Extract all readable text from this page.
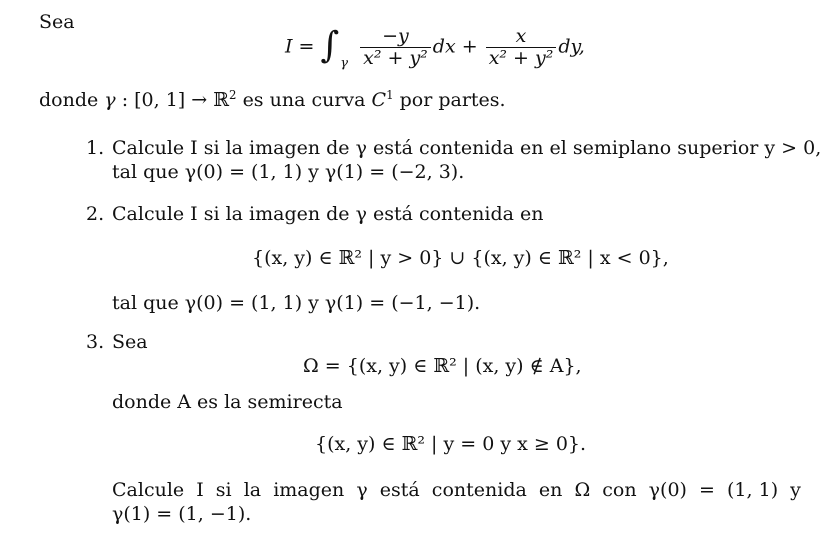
Sea
$I = \int_\gamma \frac{-y}{\text{x² + y²}}$ dx + $\frac{x}{\text{x² + y²}}$ dy,
donde γ : [0, 1] → ℝ$^2$ es una curva $C^1$ por partes.
1. Calcule I si la imagen de γ está contenida en el semiplano superior y > 0,
tal que γ(0) = (1, 1) y γ(1) = (−2, 3).
2. Calcule I si la imagen de γ está contenida en
{(x, y) ∈ ℝ² | y > 0} ∪ {(x, y) ∈ ℝ² | x < 0},
tal que γ(0) = (1, 1) y γ(1) = (−1, −1).
3. Sea
Ω = {(x, y) ∈ ℝ² | (x, y) ∉ A},
donde A es la semirecta
{(x, y) ∈ ℝ² | y = 0 y x ≥ 0}.
Calcule  I  si  la  imagen  γ  está  contenida  en  Ω  con  γ(0)  =  (1, 1)  y
γ(1) = (1, −1).
